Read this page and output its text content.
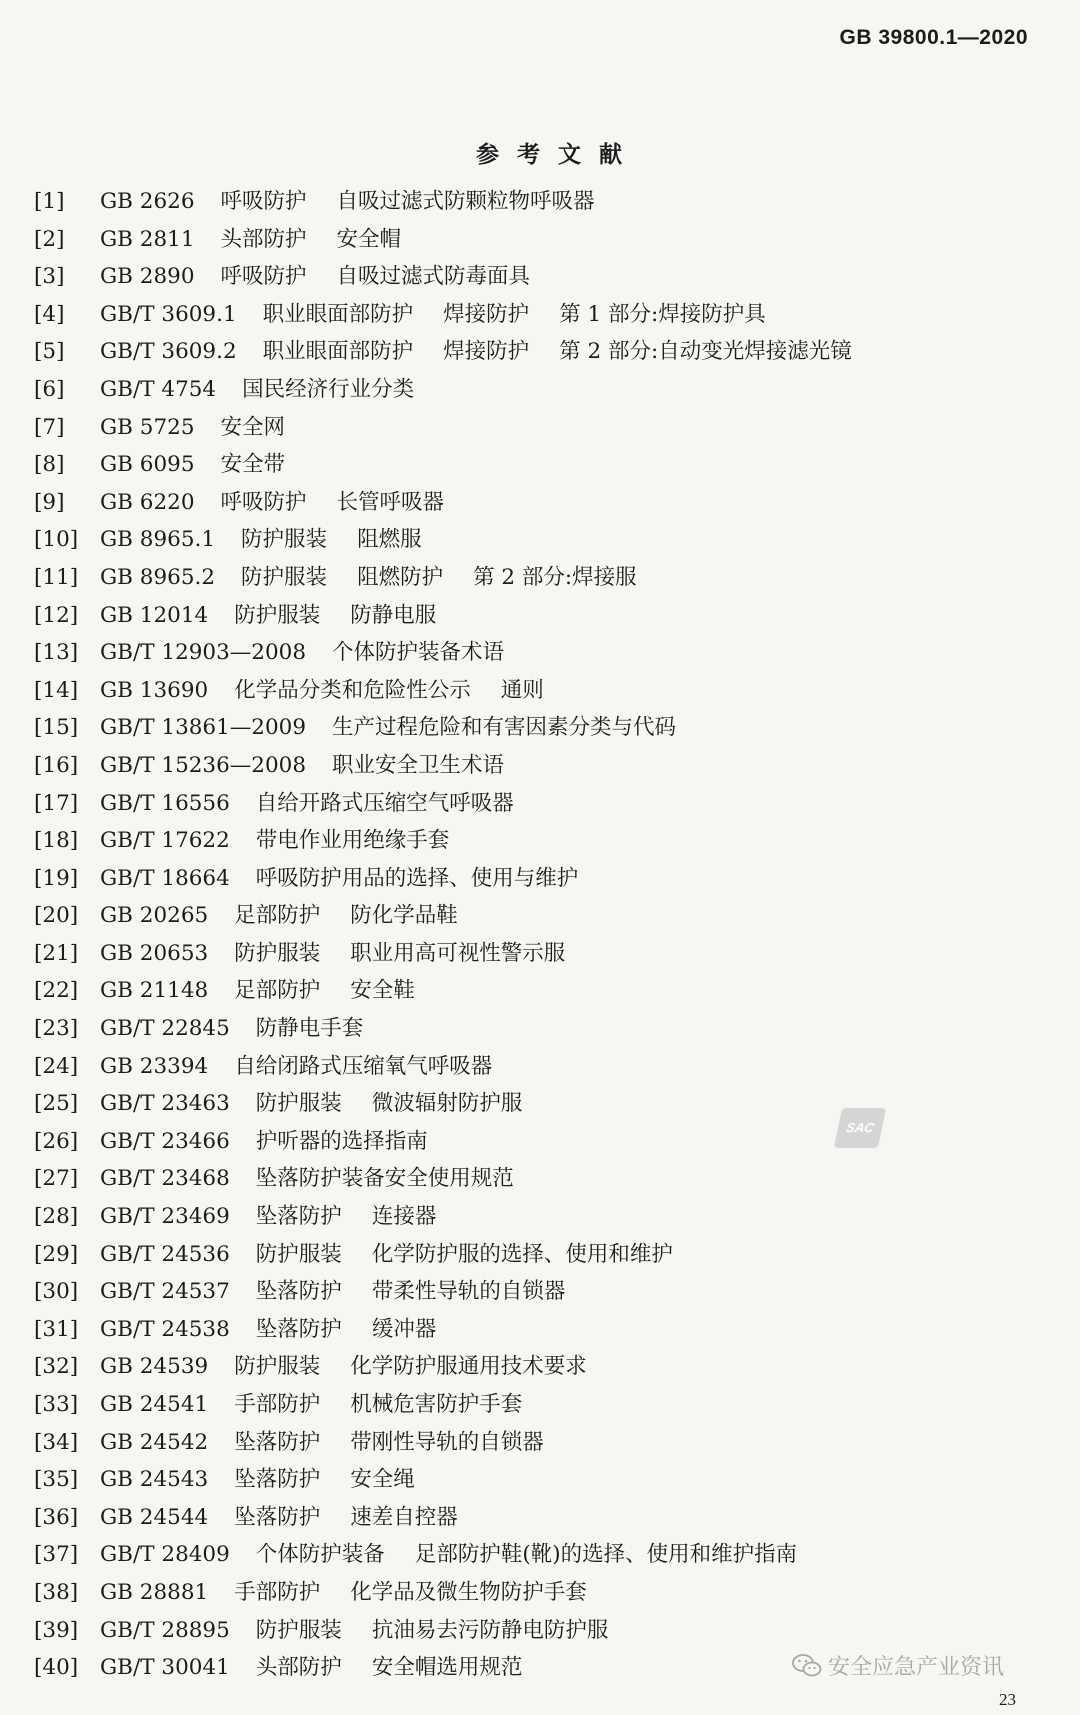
GB 39800.1—2020
参考文献
[1] GB 2626 呼吸防护 自吸过滤式防颗粒物呼吸器
[2] GB 2811 头部防护 安全帽
[3] GB 2890 呼吸防护 自吸过滤式防毒面具
[4] GB/T 3609.1 职业眼面部防护 焊接防护 第 1 部分:焊接防护具
[5] GB/T 3609.2 职业眼面部防护 焊接防护 第 2 部分:自动变光焊接滤光镜
[6] GB/T 4754 国民经济行业分类
[7] GB 5725 安全网
[8] GB 6095 安全带
[9] GB 6220 呼吸防护 长管呼吸器
[10] GB 8965.1 防护服装 阻燃服
[11] GB 8965.2 防护服装 阻燃防护 第 2 部分:焊接服
[12] GB 12014 防护服装 防静电服
[13] GB/T 12903—2008 个体防护装备术语
[14] GB 13690 化学品分类和危险性公示 通则
[15] GB/T 13861—2009 生产过程危险和有害因素分类与代码
[16] GB/T 15236—2008 职业安全卫生术语
[17] GB/T 16556 自给开路式压缩空气呼吸器
[18] GB/T 17622 带电作业用绝缘手套
[19] GB/T 18664 呼吸防护用品的选择、使用与维护
[20] GB 20265 足部防护 防化学品鞋
[21] GB 20653 防护服装 职业用高可视性警示服
[22] GB 21148 足部防护 安全鞋
[23] GB/T 22845 防静电手套
[24] GB 23394 自给闭路式压缩氧气呼吸器
[25] GB/T 23463 防护服装 微波辐射防护服
[26] GB/T 23466 护听器的选择指南
[27] GB/T 23468 坠落防护装备安全使用规范
[28] GB/T 23469 坠落防护 连接器
[29] GB/T 24536 防护服装 化学防护服的选择、使用和维护
[30] GB/T 24537 坠落防护 带柔性导轨的自锁器
[31] GB/T 24538 坠落防护 缓冲器
[32] GB 24539 防护服装 化学防护服通用技术要求
[33] GB 24541 手部防护 机械危害防护手套
[34] GB 24542 坠落防护 带刚性导轨的自锁器
[35] GB 24543 坠落防护 安全绳
[36] GB 24544 坠落防护 速差自控器
[37] GB/T 28409 个体防护装备 足部防护鞋(靴)的选择、使用和维护指南
[38] GB 28881 手部防护 化学品及微生物防护手套
[39] GB/T 28895 防护服装 抗油易去污防静电防护服
[40] GB/T 30041 头部防护 安全帽选用规范
SAC
安全应急产业资讯
23
